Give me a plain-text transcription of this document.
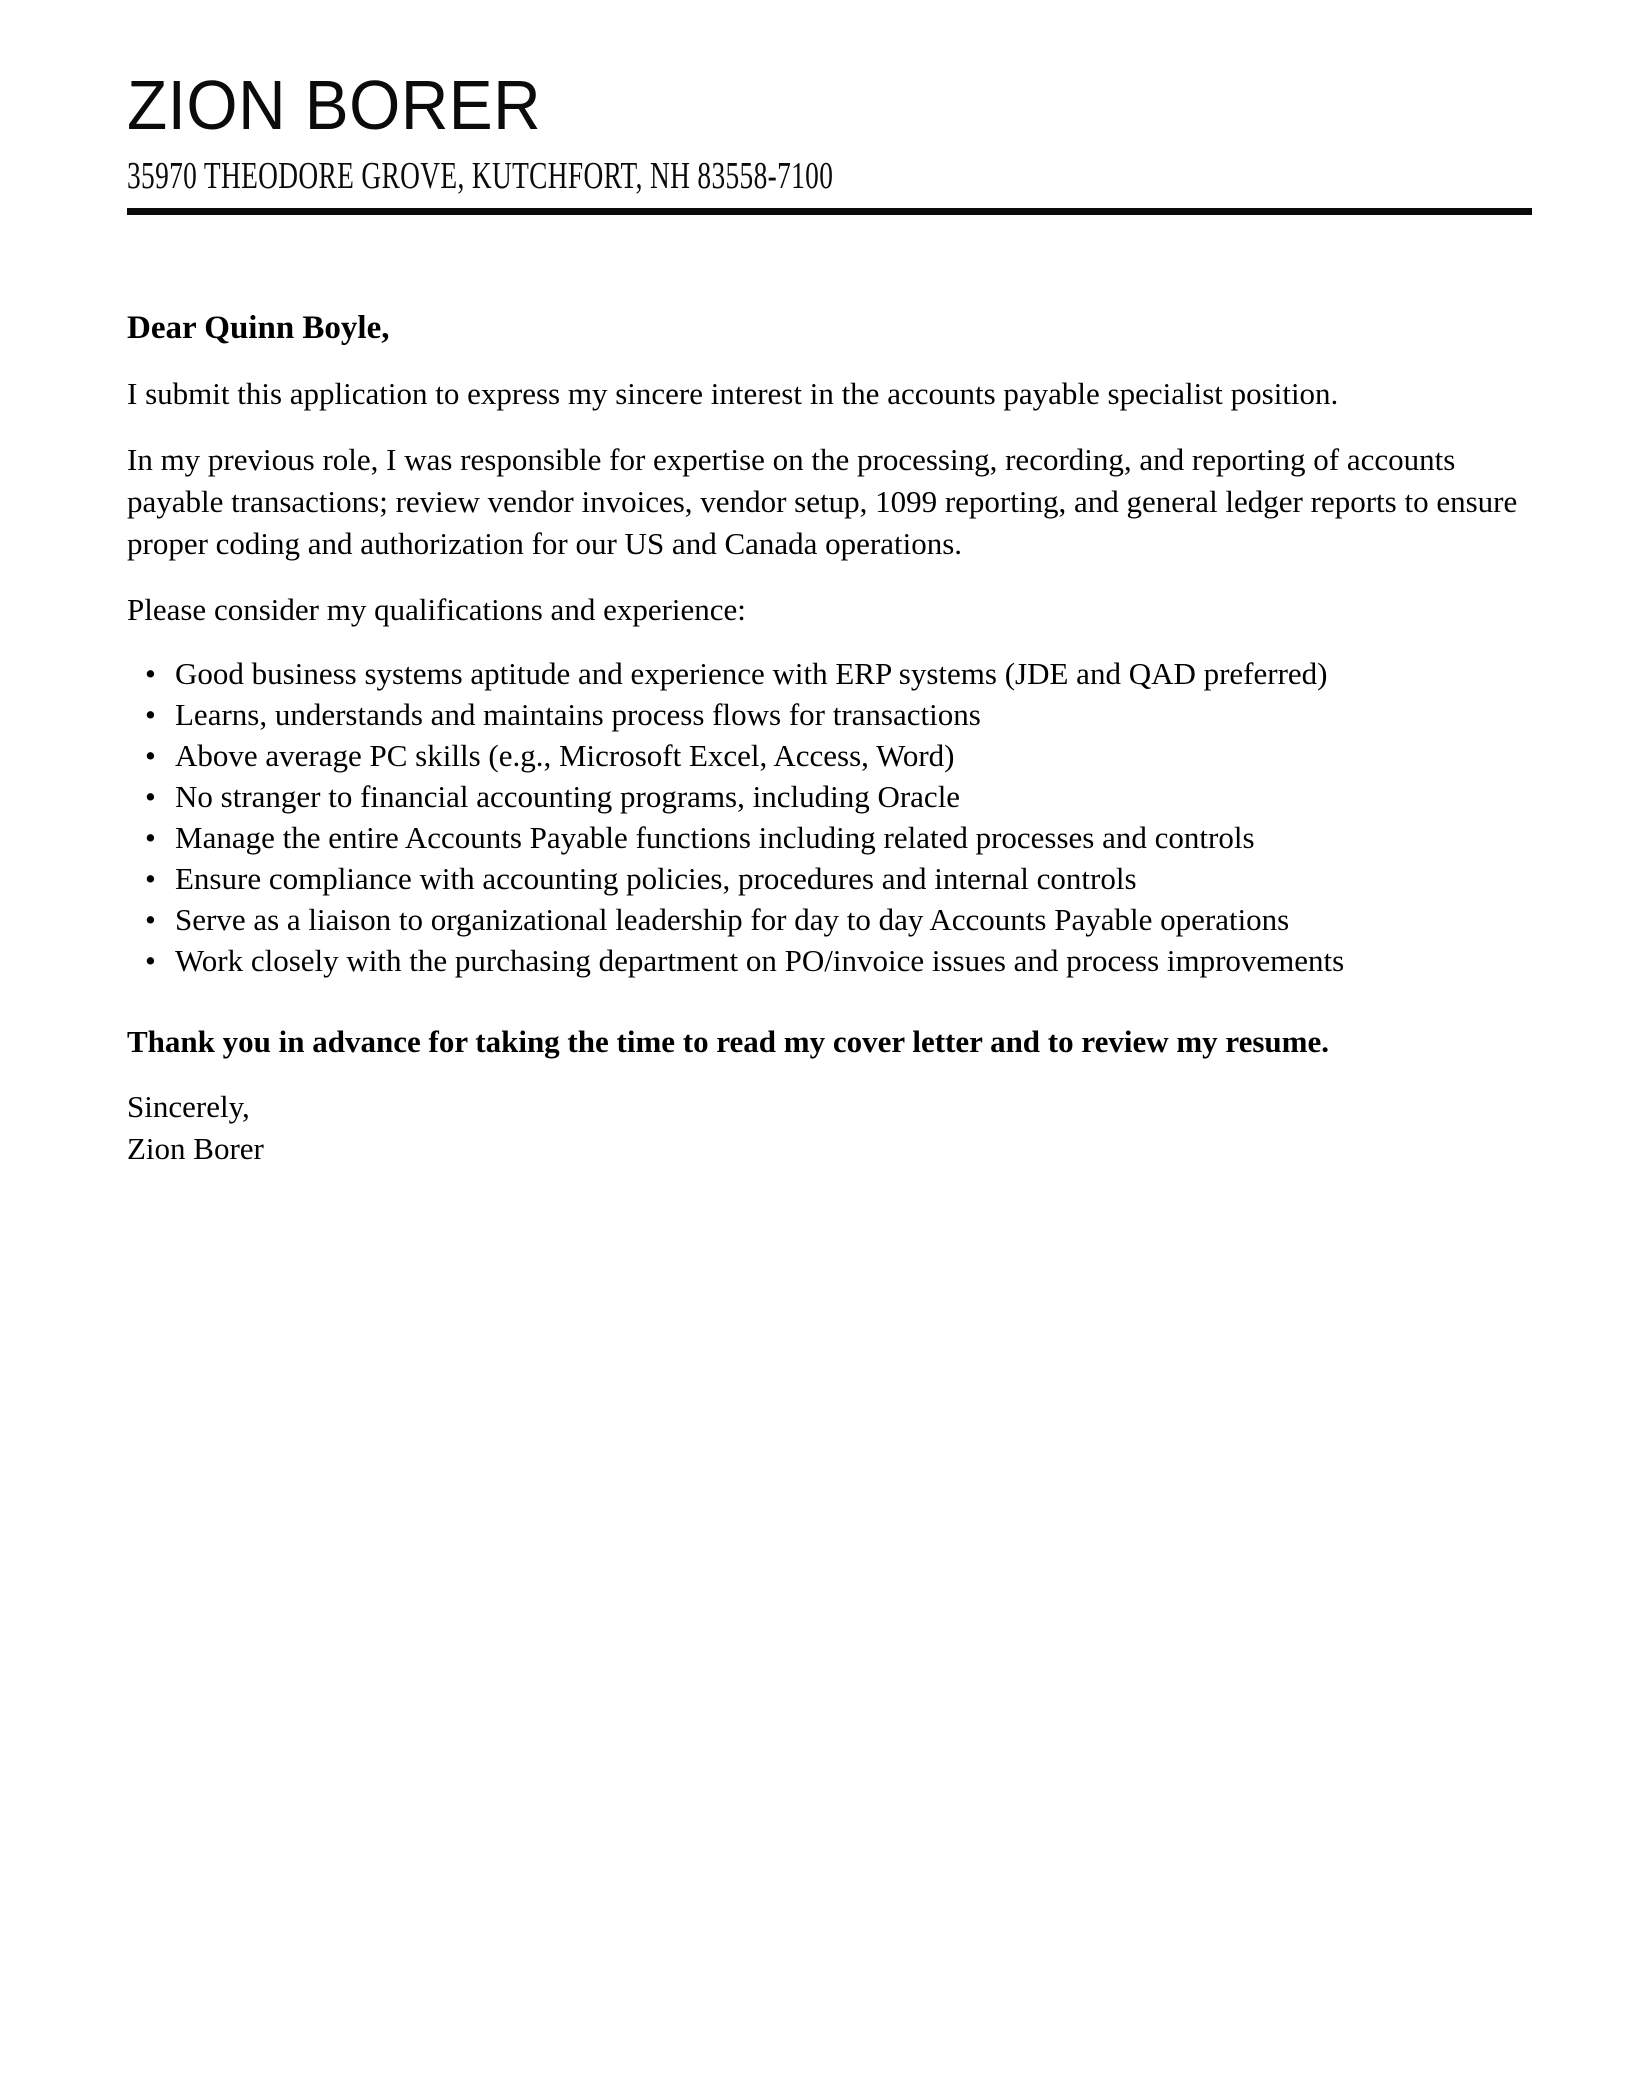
ZION BORER
35970 THEODORE GROVE, KUTCHFORT, NH 83558-7100

Dear Quinn Boyle,

I submit this application to express my sincere interest in the accounts payable specialist position.

In my previous role, I was responsible for expertise on the processing, recording, and reporting of accounts payable transactions; review vendor invoices, vendor setup, 1099 reporting, and general ledger reports to ensure proper coding and authorization for our US and Canada operations.

Please consider my qualifications and experience:

• Good business systems aptitude and experience with ERP systems (JDE and QAD preferred)
• Learns, understands and maintains process flows for transactions
• Above average PC skills (e.g., Microsoft Excel, Access, Word)
• No stranger to financial accounting programs, including Oracle
• Manage the entire Accounts Payable functions including related processes and controls
• Ensure compliance with accounting policies, procedures and internal controls
• Serve as a liaison to organizational leadership for day to day Accounts Payable operations
• Work closely with the purchasing department on PO/invoice issues and process improvements

Thank you in advance for taking the time to read my cover letter and to review my resume.

Sincerely,
Zion Borer
